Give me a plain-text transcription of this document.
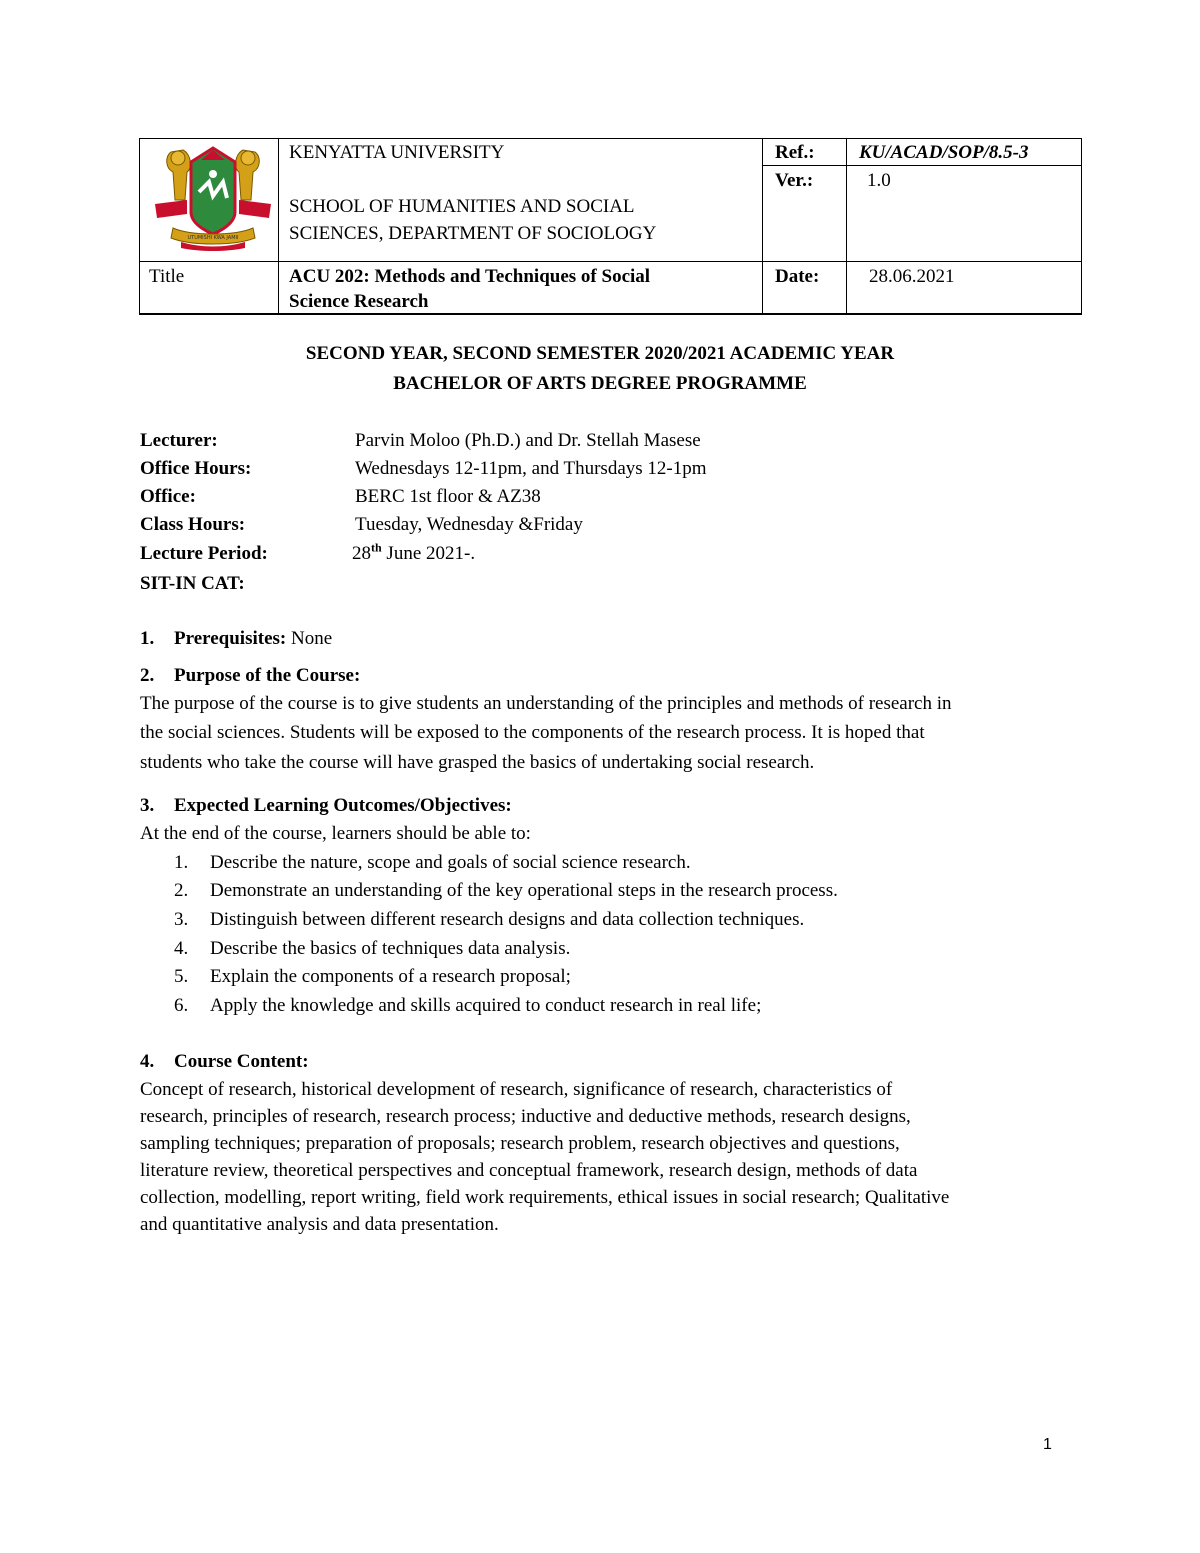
UTUMISHI KWA JAMII
KENYATTA UNIVERSITY
SCHOOL OF HUMANITIES AND SOCIAL
SCIENCES, DEPARTMENT OF SOCIOLOGY
Ref.: KU/ACAD/SOP/8.5-3
Ver.:	1.0
Title	ACU 202: Methods and Techniques of Social
Science Research
Date:	28.06.2021
SECOND YEAR, SECOND SEMESTER 2020/2021 ACADEMIC YEAR
BACHELOR OF ARTS DEGREE PROGRAMME
Lecturer:	Parvin Moloo (Ph.D.) and Dr. Stellah Masese
Office Hours:	Wednesdays 12-11pm, and Thursdays 12-1pm
Office:	BERC 1st floor & AZ38
Class Hours:	Tuesday, Wednesday &Friday
Lecture Period:	28th June 2021-.
SIT-IN CAT:
1. Prerequisites: None
2. Purpose of the Course:
The purpose of the course is to give students an understanding of the principles and methods of research in
the social sciences. Students will be exposed to the components of the research process. It is hoped that
students who take the course will have grasped the basics of undertaking social research.
3. Expected Learning Outcomes/Objectives:
At the end of the course, learners should be able to:
1. Describe the nature, scope and goals of social science research.
2. Demonstrate an understanding of the key operational steps in the research process.
3. Distinguish between different research designs and data collection techniques.
4. Describe the basics of techniques data analysis.
5. Explain the components of a research proposal;
6. Apply the knowledge and skills acquired to conduct research in real life;
4. Course Content:
Concept of research, historical development of research, significance of research, characteristics of
research, principles of research, research process; inductive and deductive methods, research designs,
sampling techniques; preparation of proposals; research problem, research objectives and questions,
literature review, theoretical perspectives and conceptual framework, research design, methods of data
collection, modelling, report writing, field work requirements, ethical issues in social research; Qualitative
and quantitative analysis and data presentation.
1
